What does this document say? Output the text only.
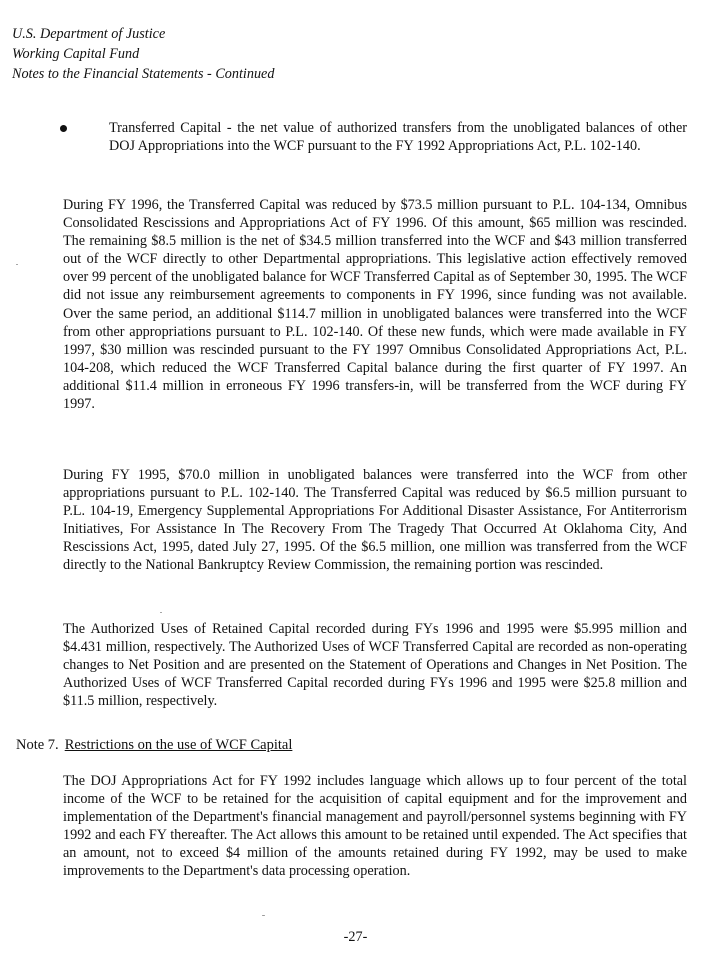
U.S. Department of Justice
Working Capital Fund
Notes to the Financial Statements - Continued
Transferred Capital - the net value of authorized transfers from the unobligated balances of other DOJ Appropriations into the WCF pursuant to the FY 1992 Appropriations Act, P.L. 102-140.
During FY 1996, the Transferred Capital was reduced by $73.5 million pursuant to P.L. 104-134, Omnibus Consolidated Rescissions and Appropriations Act of FY 1996. Of this amount, $65 million was rescinded. The remaining $8.5 million is the net of $34.5 million transferred into the WCF and $43 million transferred out of the WCF directly to other Departmental appropriations. This legislative action effectively removed over 99 percent of the unobligated balance for WCF Transferred Capital as of September 30, 1995. The WCF did not issue any reimbursement agreements to components in FY 1996, since funding was not available. Over the same period, an additional $114.7 million in unobligated balances were transferred into the WCF from other appropriations pursuant to P.L. 102-140. Of these new funds, which were made available in FY 1997, $30 million was rescinded pursuant to the FY 1997 Omnibus Consolidated Appropriations Act, P.L. 104-208, which reduced the WCF Transferred Capital balance during the first quarter of FY 1997. An additional $11.4 million in erroneous FY 1996 transfers-in, will be transferred from the WCF during FY 1997.
During FY 1995, $70.0 million in unobligated balances were transferred into the WCF from other appropriations pursuant to P.L. 102-140. The Transferred Capital was reduced by $6.5 million pursuant to P.L. 104-19, Emergency Supplemental Appropriations For Additional Disaster Assistance, For Antiterrorism Initiatives, For Assistance In The Recovery From The Tragedy That Occurred At Oklahoma City, And Rescissions Act, 1995, dated July 27, 1995. Of the $6.5 million, one million was transferred from the WCF directly to the National Bankruptcy Review Commission, the remaining portion was rescinded.
The Authorized Uses of Retained Capital recorded during FYs 1996 and 1995 were $5.995 million and $4.431 million, respectively. The Authorized Uses of WCF Transferred Capital are recorded as non-operating changes to Net Position and are presented on the Statement of Operations and Changes in Net Position. The Authorized Uses of WCF Transferred Capital recorded during FYs 1996 and 1995 were $25.8 million and $11.5 million, respectively.
Note 7. Restrictions on the use of WCF Capital
The DOJ Appropriations Act for FY 1992 includes language which allows up to four percent of the total income of the WCF to be retained for the acquisition of capital equipment and for the improvement and implementation of the Department's financial management and payroll/personnel systems beginning with FY 1992 and each FY thereafter. The Act allows this amount to be retained until expended. The Act specifies that an amount, not to exceed $4 million of the amounts retained during FY 1992, may be used to make improvements to the Department's data processing operation.
-27-
